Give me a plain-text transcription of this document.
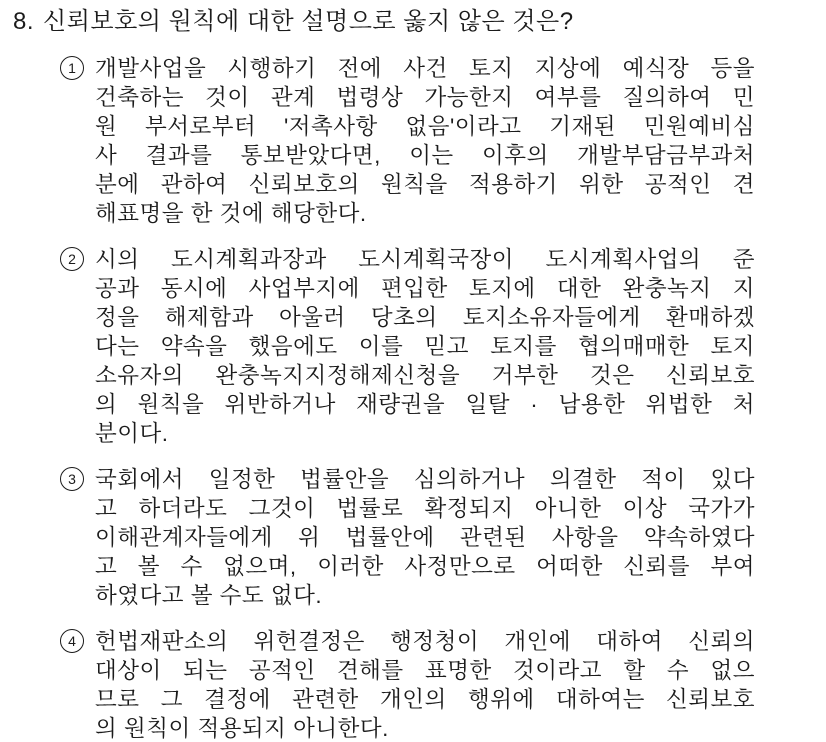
8. 신뢰보호의 원칙에 대한 설명으로 옳지 않은 것은?
1 개발사업을 시행하기 전에 사건 토지 지상에 예식장 등을
건축하는 것이 관계 법령상 가능한지 여부를 질의하여 민
원 부서로부터 '저촉사항 없음'이라고 기재된 민원예비심
사 결과를 통보받았다면, 이는 이후의 개발부담금부과처
분에 관하여 신뢰보호의 원칙을 적용하기 위한 공적인 견
해표명을 한 것에 해당한다.
2 시의 도시계획과장과 도시계획국장이 도시계획사업의 준
공과 동시에 사업부지에 편입한 토지에 대한 완충녹지 지
정을 해제함과 아울러 당초의 토지소유자들에게 환매하겠
다는 약속을 했음에도 이를 믿고 토지를 협의매매한 토지
소유자의 완충녹지지정해제신청을 거부한 것은 신뢰보호
의 원칙을 위반하거나 재량권을 일탈 · 남용한 위법한 처
분이다.
3 국회에서 일정한 법률안을 심의하거나 의결한 적이 있다
고 하더라도 그것이 법률로 확정되지 아니한 이상 국가가
이해관계자들에게 위 법률안에 관련된 사항을 약속하였다
고 볼 수 없으며, 이러한 사정만으로 어떠한 신뢰를 부여
하였다고 볼 수도 없다.
4 헌법재판소의 위헌결정은 행정청이 개인에 대하여 신뢰의
대상이 되는 공적인 견해를 표명한 것이라고 할 수 없으
므로 그 결정에 관련한 개인의 행위에 대하여는 신뢰보호
의 원칙이 적용되지 아니한다.
